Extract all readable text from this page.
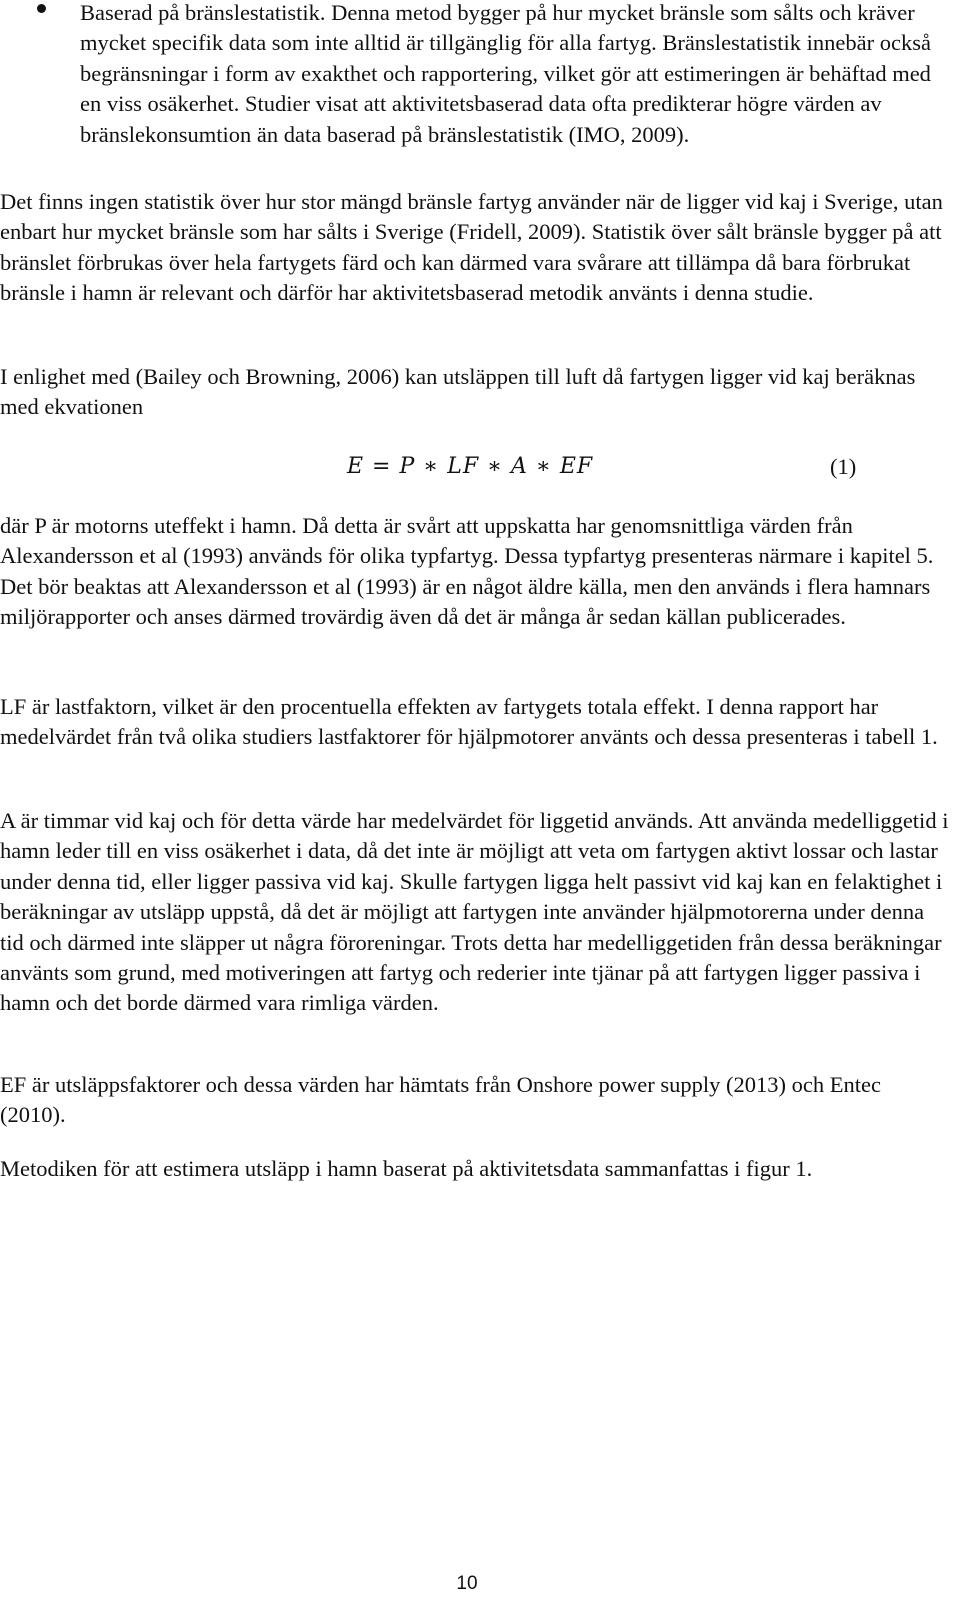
Baserad på bränslestatistik. Denna metod bygger på hur mycket bränsle som sålts och kräver mycket specifik data som inte alltid är tillgänglig för alla fartyg. Bränslestatistik innebär också begränsningar i form av exakthet och rapportering, vilket gör att estimeringen är behäftad med en viss osäkerhet. Studier visat att aktivitetsbaserad data ofta predikterar högre värden av bränslekonsumtion än data baserad på bränslestatistik (IMO, 2009).

Det finns ingen statistik över hur stor mängd bränsle fartyg använder när de ligger vid kaj i Sverige, utan enbart hur mycket bränsle som har sålts i Sverige (Fridell, 2009). Statistik över sålt bränsle bygger på att bränslet förbrukas över hela fartygets färd och kan därmed vara svårare att tillämpa då bara förbrukat bränsle i hamn är relevant och därför har aktivitetsbaserad metodik använts i denna studie.

I enlighet med (Bailey och Browning, 2006) kan utsläppen till luft då fartygen ligger vid kaj beräknas med ekvationen

E = P ∗ LF ∗ A ∗ EF	(1)

där P är motorns uteffekt i hamn. Då detta är svårt att uppskatta har genomsnittliga värden från Alexandersson et al (1993) används för olika typfartyg. Dessa typfartyg presenteras närmare i kapitel 5. Det bör beaktas att Alexandersson et al (1993) är en något äldre källa, men den används i flera hamnars miljörapporter och anses därmed trovärdig även då det är många år sedan källan publicerades.

LF är lastfaktorn, vilket är den procentuella effekten av fartygets totala effekt. I denna rapport har medelvärdet från två olika studiers lastfaktorer för hjälpmotorer använts och dessa presenteras i tabell 1.

A är timmar vid kaj och för detta värde har medelvärdet för liggetid används. Att använda medelliggetid i hamn leder till en viss osäkerhet i data, då det inte är möjligt att veta om fartygen aktivt lossar och lastar under denna tid, eller ligger passiva vid kaj. Skulle fartygen ligga helt passivt vid kaj kan en felaktighet i beräkningar av utsläpp uppstå, då det är möjligt att fartygen inte använder hjälpmotorerna under denna tid och därmed inte släpper ut några föroreningar. Trots detta har medelliggetiden från dessa beräkningar använts som grund, med motiveringen att fartyg och rederier inte tjänar på att fartygen ligger passiva i hamn och det borde därmed vara rimliga värden.

EF är utsläppsfaktorer och dessa värden har hämtats från Onshore power supply (2013) och Entec (2010).

Metodiken för att estimera utsläpp i hamn baserat på aktivitetsdata sammanfattas i figur 1.

10
